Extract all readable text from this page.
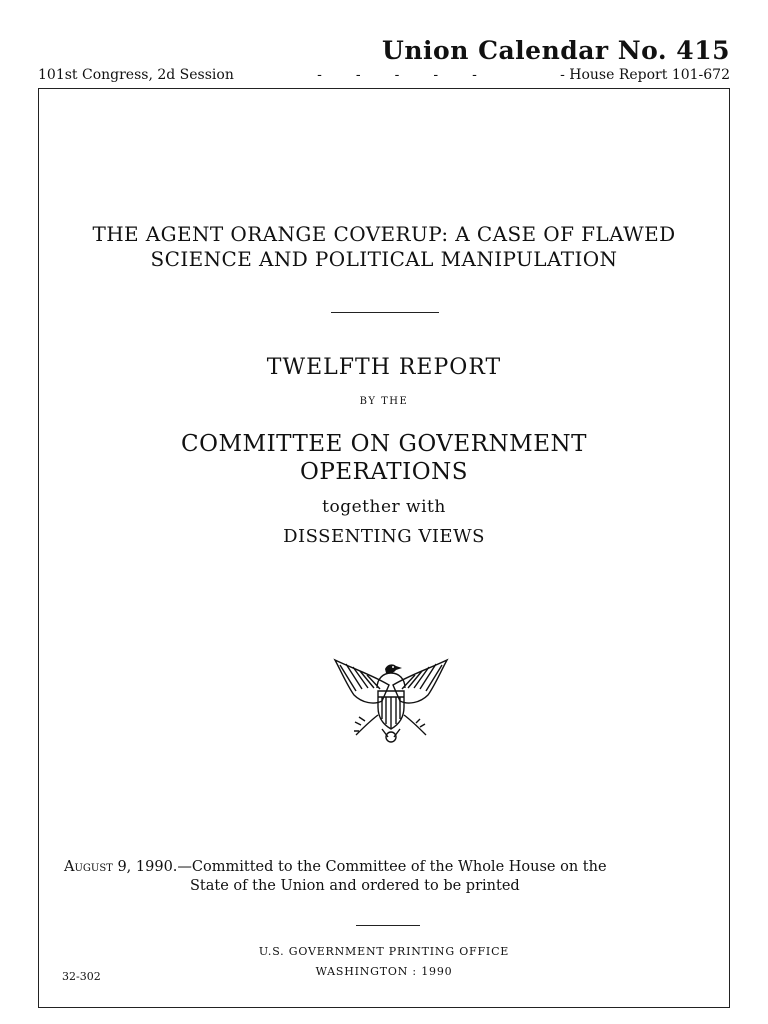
Union Calendar No. 415
101st Congress, 2d Session	- - - - -	- House Report 101-672
THE AGENT ORANGE COVERUP: A CASE OF FLAWED
SCIENCE AND POLITICAL MANIPULATION
TWELFTH REPORT
BY THE
COMMITTEE ON GOVERNMENT
OPERATIONS
together with
DISSENTING VIEWS
August 9, 1990.—Committed to the Committee of the Whole House on the
State of the Union and ordered to be printed
U.S. GOVERNMENT PRINTING OFFICE
WASHINGTON : 1990
32-302
